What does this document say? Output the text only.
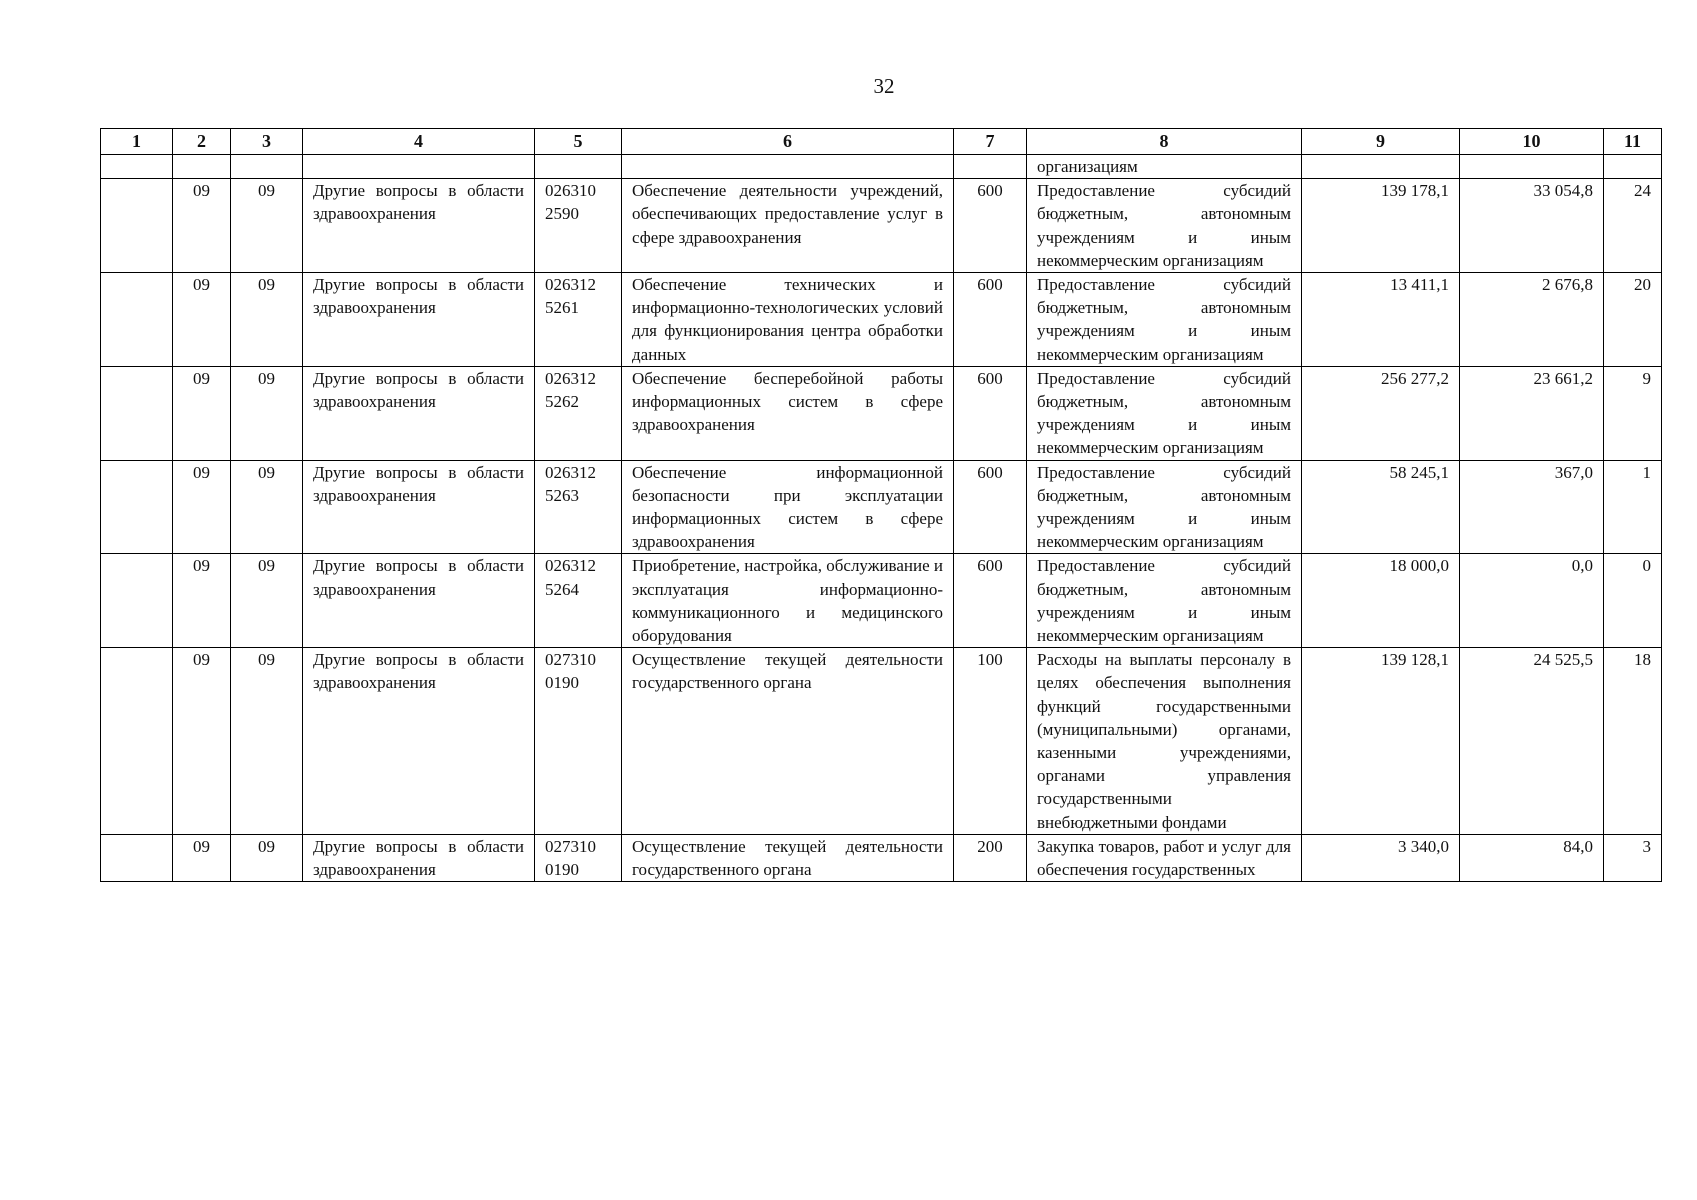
32
1	2	3	4	5	6	7	8	9	10	11
							организациям			
	09	09	Другие вопросы в области здравоохранения	026310 2590	Обеспечение деятельности учреждений, обеспечивающих предоставление услуг в сфере здравоохранения	600	Предоставление субсидий бюджетным, автономным учреждениям и иным некоммерческим организациям	139 178,1	33 054,8	24
	09	09	Другие вопросы в области здравоохранения	026312 5261	Обеспечение технических и информационно-технологических условий для функционирования центра обработки данных	600	Предоставление субсидий бюджетным, автономным учреждениям и иным некоммерческим организациям	13 411,1	2 676,8	20
	09	09	Другие вопросы в области здравоохранения	026312 5262	Обеспечение бесперебойной работы информационных систем в сфере здравоохранения	600	Предоставление субсидий бюджетным, автономным учреждениям и иным некоммерческим организациям	256 277,2	23 661,2	9
	09	09	Другие вопросы в области здравоохранения	026312 5263	Обеспечение информационной безопасности при эксплуатации информационных систем в сфере здравоохранения	600	Предоставление субсидий бюджетным, автономным учреждениям и иным некоммерческим организациям	58 245,1	367,0	1
	09	09	Другие вопросы в области здравоохранения	026312 5264	Приобретение, настройка, обслуживание и эксплуатация информационно-коммуникационного и медицинского оборудования	600	Предоставление субсидий бюджетным, автономным учреждениям и иным некоммерческим организациям	18 000,0	0,0	0
	09	09	Другие вопросы в области здравоохранения	027310 0190	Осуществление текущей деятельности государственного органа	100	Расходы на выплаты персоналу в целях обеспечения выполнения функций государственными (муниципальными) органами, казенными учреждениями, органами управления государственными внебюджетными фондами	139 128,1	24 525,5	18
	09	09	Другие вопросы в области здравоохранения	027310 0190	Осуществление текущей деятельности государственного органа	200	Закупка товаров, работ и услуг для обеспечения государственных	3 340,0	84,0	3
